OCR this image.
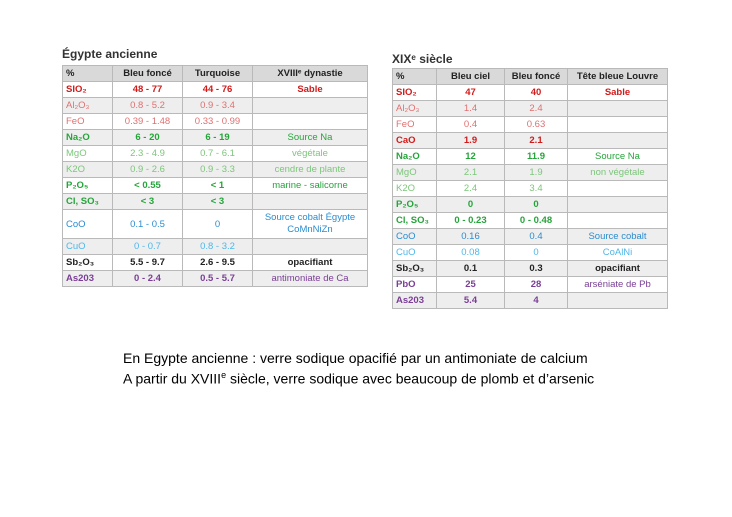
Égypte ancienne
%	Bleu foncé	Turquoise	XVIIIᵉ dynastie
SIO₂	48 - 77	44 - 76	Sable
Al₂O₃	0.8 - 5.2	0.9 - 3.4	
FeO	0.39 - 1.48	0.33 - 0.99	
Na₂O	6 - 20	6 - 19	Source Na
MgO	2.3 - 4.9	0.7 - 6.1	végétale
K2O	0.9 - 2.6	0.9 - 3.3	cendre de plante
P₂O₅	< 0.55	< 1	marine - salicorne
Cl, SO₃	< 3	< 3	
CoO	0.1 - 0.5	0	Source cobalt Égypte CoMnNiZn
CuO	0 - 0.7	0.8 - 3.2	
Sb₂O₃	5.5 - 9.7	2.6 - 9.5	opacifiant
As203	0 - 2.4	0.5 - 5.7	antimoniate de Ca
XIXᵉ siècle
%	Bleu ciel	Bleu foncé	Tête bleue Louvre
SIO₂	47	40	Sable
Al₂O₃	1.4	2.4	
FeO	0.4	0.63	
CaO	1.9	2.1	
Na₂O	12	11.9	Source Na
MgO	2.1	1.9	non végétale
K2O	2.4	3.4	
P₂O₅	0	0	
Cl, SO₃	0 - 0.23	0 - 0.48	
CoO	0.16	0.4	Source cobalt
CuO	0.08	0	CoAlNi
Sb₂O₃	0.1	0.3	opacifiant
PbO	25	28	arséniate de Pb
As203	5.4	4	
En Egypte ancienne : verre sodique opacifié par un antimoniate de calcium
A partir du XVIIIe siècle, verre sodique avec beaucoup de plomb et d’arsenic
